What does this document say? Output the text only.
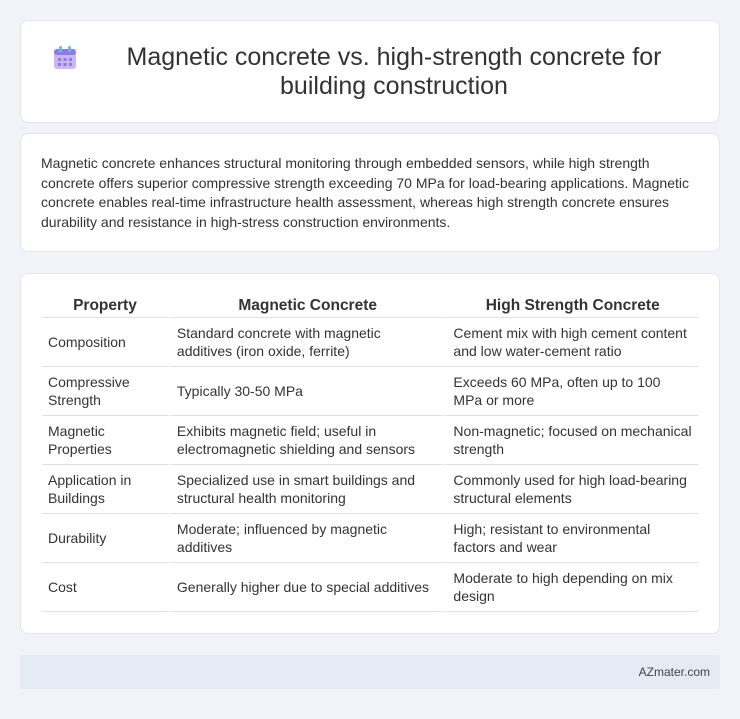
Magnetic concrete vs. high-strength concrete for building construction

Magnetic concrete enhances structural monitoring through embedded sensors, while high strength concrete offers superior compressive strength exceeding 70 MPa for load-bearing applications. Magnetic concrete enables real-time infrastructure health assessment, whereas high strength concrete ensures durability and resistance in high-stress construction environments.

Property	Magnetic Concrete	High Strength Concrete
Composition	Standard concrete with magnetic additives (iron oxide, ferrite)	Cement mix with high cement content and low water-cement ratio
Compressive Strength	Typically 30-50 MPa	Exceeds 60 MPa, often up to 100 MPa or more
Magnetic Properties	Exhibits magnetic field; useful in electromagnetic shielding and sensors	Non-magnetic; focused on mechanical strength
Application in Buildings	Specialized use in smart buildings and structural health monitoring	Commonly used for high load-bearing structural elements
Durability	Moderate; influenced by magnetic additives	High; resistant to environmental factors and wear
Cost	Generally higher due to special additives	Moderate to high depending on mix design
AZmater.com
